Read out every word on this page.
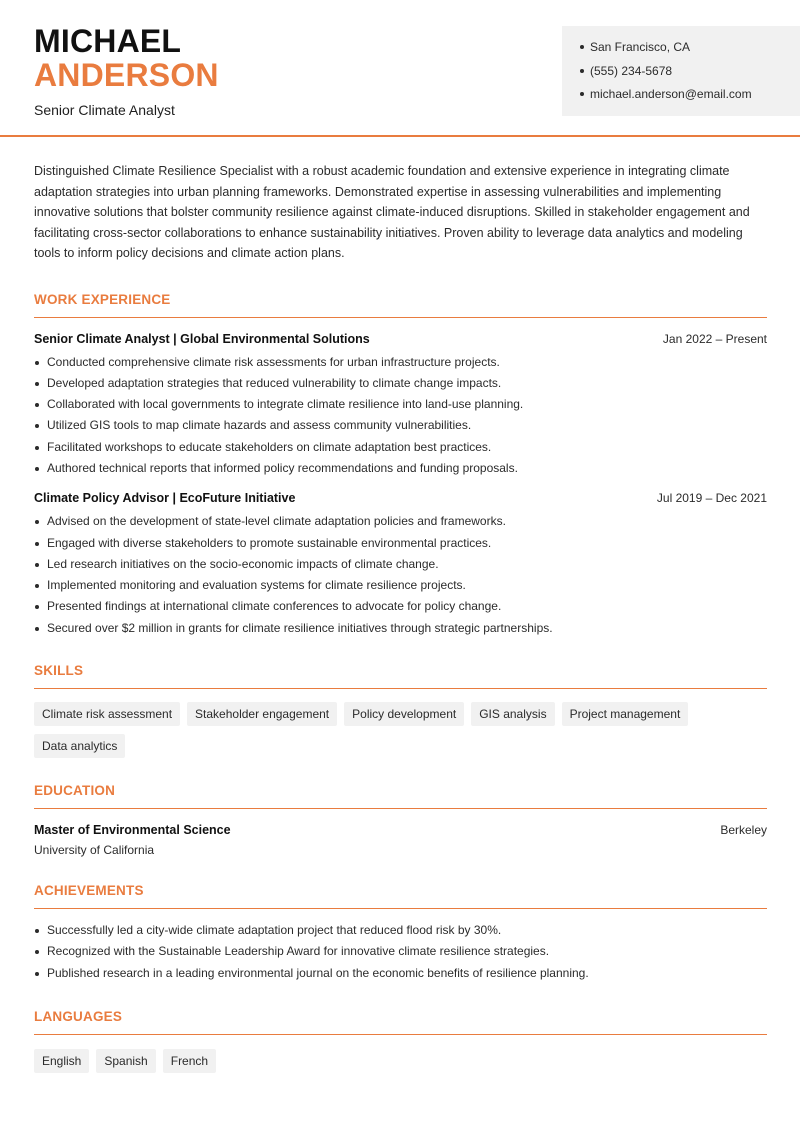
MICHAEL
ANDERSON
Senior Climate Analyst
San Francisco, CA
(555) 234-5678
michael.anderson@email.com

Distinguished Climate Resilience Specialist with a robust academic foundation and extensive experience in integrating climate adaptation strategies into urban planning frameworks. Demonstrated expertise in assessing vulnerabilities and implementing innovative solutions that bolster community resilience against climate-induced disruptions. Skilled in stakeholder engagement and facilitating cross-sector collaborations to enhance sustainability initiatives. Proven ability to leverage data analytics and modeling tools to inform policy decisions and climate action plans.

WORK EXPERIENCE
Senior Climate Analyst | Global Environmental Solutions	Jan 2022 – Present
Conducted comprehensive climate risk assessments for urban infrastructure projects.
Developed adaptation strategies that reduced vulnerability to climate change impacts.
Collaborated with local governments to integrate climate resilience into land-use planning.
Utilized GIS tools to map climate hazards and assess community vulnerabilities.
Facilitated workshops to educate stakeholders on climate adaptation best practices.
Authored technical reports that informed policy recommendations and funding proposals.
Climate Policy Advisor | EcoFuture Initiative	Jul 2019 – Dec 2021
Advised on the development of state-level climate adaptation policies and frameworks.
Engaged with diverse stakeholders to promote sustainable environmental practices.
Led research initiatives on the socio-economic impacts of climate change.
Implemented monitoring and evaluation systems for climate resilience projects.
Presented findings at international climate conferences to advocate for policy change.
Secured over $2 million in grants for climate resilience initiatives through strategic partnerships.
SKILLS
Climate risk assessment	Stakeholder engagement	Policy development	GIS analysis	Project management
Data analytics
EDUCATION
Master of Environmental Science	Berkeley
University of California
ACHIEVEMENTS
Successfully led a city-wide climate adaptation project that reduced flood risk by 30%.
Recognized with the Sustainable Leadership Award for innovative climate resilience strategies.
Published research in a leading environmental journal on the economic benefits of resilience planning.
LANGUAGES
English	Spanish	French
